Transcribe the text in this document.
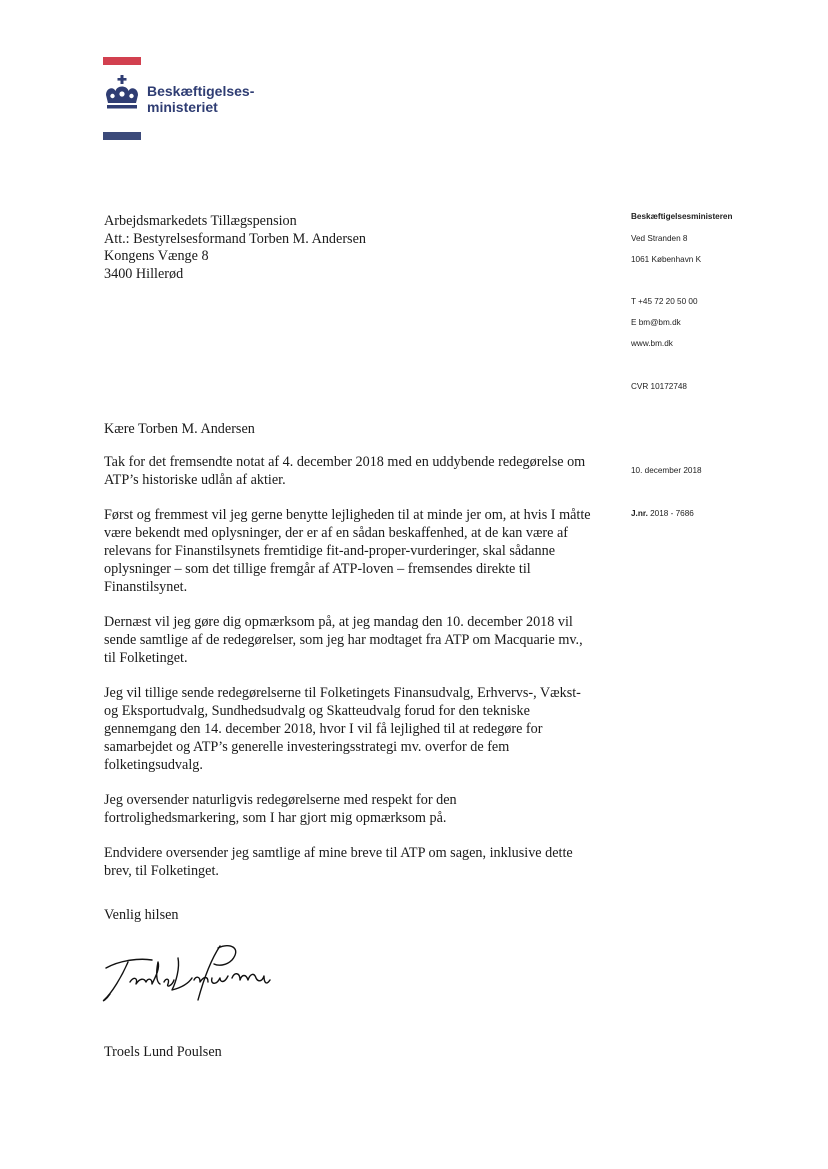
Beskæftigelses-
ministeriet
Arbejdsmarkedets Tillægspension
Att.: Bestyrelsesformand Torben M. Andersen
Kongens Vænge 8
3400 Hillerød
Beskæftigelsesministeren
Ved Stranden 8
1061 København K
T +45 72 20 50 00
E bm@bm.dk
www.bm.dk
CVR 10172748
10. december 2018
J.nr. 2018 - 7686

Kære Torben M. Andersen

Tak for det fremsendte notat af 4. december 2018 med en uddybende redegørelse om ATP’s historiske udlån af aktier.

Først og fremmest vil jeg gerne benytte lejligheden til at minde jer om, at hvis I måtte være bekendt med oplysninger, der er af en sådan beskaffenhed, at de kan være af relevans for Finanstilsynets fremtidige fit-and-proper-vurderinger, skal sådanne oplysninger – som det tillige fremgår af ATP-loven – fremsendes direkte til Finanstilsynet.

Dernæst vil jeg gøre dig opmærksom på, at jeg mandag den 10. december 2018 vil sende samtlige af de redegørelser, som jeg har modtaget fra ATP om Macquarie mv., til Folketinget.

Jeg vil tillige sende redegørelserne til Folketingets Finansudvalg, Erhvervs-, Vækst- og Eksportudvalg, Sundhedsudvalg og Skatteudvalg forud for den tekniske gennemgang den 14. december 2018, hvor I vil få lejlighed til at redegøre for samarbejdet og ATP’s generelle investeringsstrategi mv. overfor de fem folketingsudvalg.

Jeg oversender naturligvis redegørelserne med respekt for den fortrolighedsmarkering, som I har gjort mig opmærksom på.

Endvidere oversender jeg samtlige af mine breve til ATP om sagen, inklusive dette brev, til Folketinget.

Venlig hilsen
Troels Lund Poulsen
